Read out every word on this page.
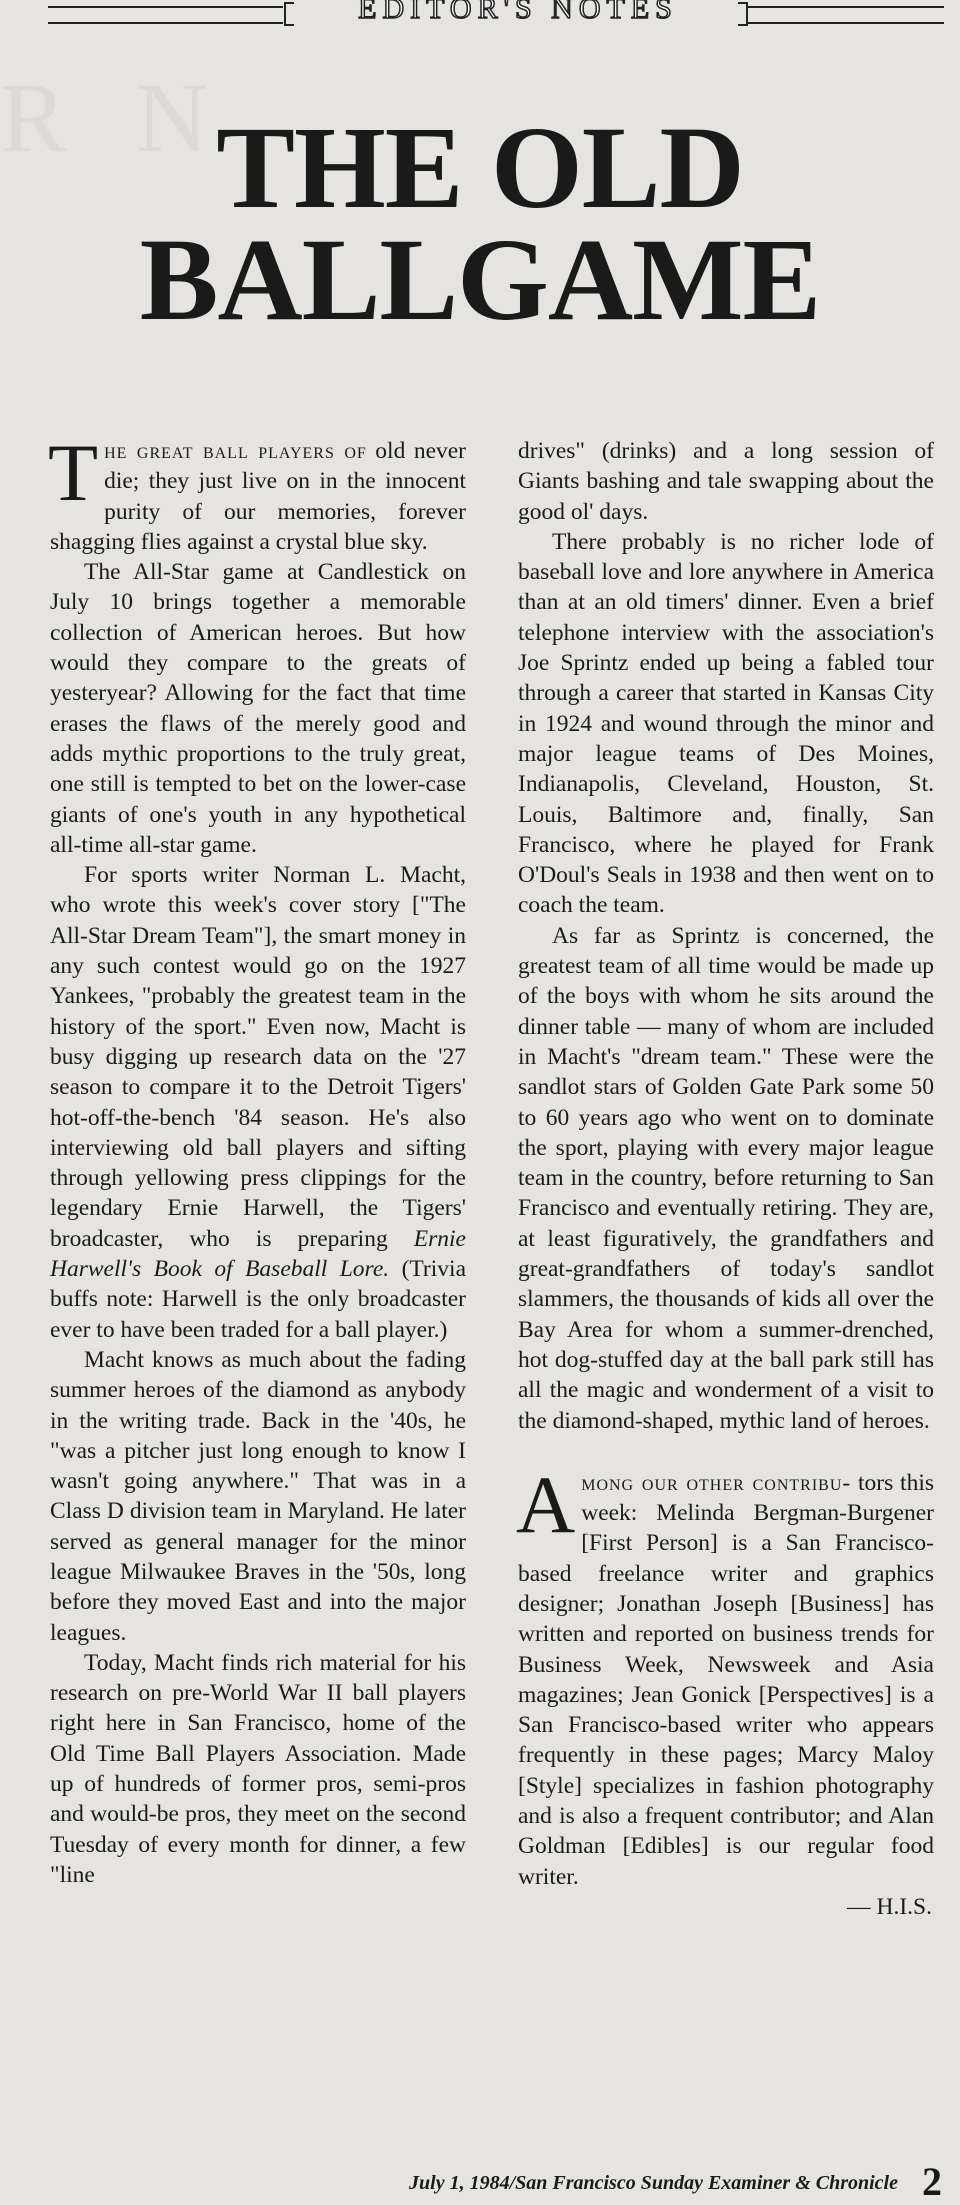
EDITOR'S NOTES
R N
THE OLD
BALLGAME

The great ball players of old never die; they just live on in the innocent purity of our memories, forever shagging flies against a crystal blue sky.

The All-Star game at Candlestick on July 10 brings together a memorable collection of American heroes. But how would they compare to the greats of yesteryear? Allowing for the fact that time erases the flaws of the merely good and adds mythic proportions to the truly great, one still is tempted to bet on the lower-case giants of one's youth in any hypothetical all-time all-star game.

For sports writer Norman L. Macht, who wrote this week's cover story ["The All-Star Dream Team"], the smart money in any such contest would go on the 1927 Yankees, "probably the greatest team in the history of the sport." Even now, Macht is busy digging up research data on the '27 season to compare it to the Detroit Tigers' hot-off-the-bench '84 season. He's also interviewing old ball players and sifting through yellowing press clippings for the legendary Ernie Harwell, the Tigers' broadcaster, who is preparing Ernie Harwell's Book of Baseball Lore. (Trivia buffs note: Harwell is the only broadcaster ever to have been traded for a ball player.)

Macht knows as much about the fading summer heroes of the diamond as anybody in the writing trade. Back in the '40s, he "was a pitcher just long enough to know I wasn't going anywhere." That was in a Class D division team in Maryland. He later served as general manager for the minor league Milwaukee Braves in the '50s, long before they moved East and into the major leagues.

Today, Macht finds rich material for his research on pre-World War II ball players right here in San Francisco, home of the Old Time Ball Players Association. Made up of hundreds of former pros, semi-pros and would-be pros, they meet on the second Tuesday of every month for dinner, a few "line

drives" (drinks) and a long session of Giants bashing and tale swapping about the good ol' days.

There probably is no richer lode of baseball love and lore anywhere in America than at an old timers' dinner. Even a brief telephone interview with the association's Joe Sprintz ended up being a fabled tour through a career that started in Kansas City in 1924 and wound through the minor and major league teams of Des Moines, Indianapolis, Cleveland, Houston, St. Louis, Baltimore and, finally, San Francisco, where he played for Frank O'Doul's Seals in 1938 and then went on to coach the team.

As far as Sprintz is concerned, the greatest team of all time would be made up of the boys with whom he sits around the dinner table — many of whom are included in Macht's "dream team." These were the sandlot stars of Golden Gate Park some 50 to 60 years ago who went on to dominate the sport, playing with every major league team in the country, before returning to San Francisco and eventually retiring. They are, at least figuratively, the grandfathers and great-grandfathers of today's sandlot slammers, the thousands of kids all over the Bay Area for whom a summer-drenched, hot dog-stuffed day at the ball park still has all the magic and wonderment of a visit to the diamond-shaped, mythic land of heroes.

Among our other contribu- tors this week: Melinda Bergman-Burgener [First Person] is a San Francisco-based freelance writer and graphics designer; Jonathan Joseph [Business] has written and reported on business trends for Business Week, Newsweek and Asia magazines; Jean Gonick [Perspectives] is a San Francisco-based writer who appears frequently in these pages; Marcy Maloy [Style] specializes in fashion photography and is also a frequent contributor; and Alan Goldman [Edibles] is our regular food writer.

— H.I.S.

July 1, 1984/San Francisco Sunday Examiner & Chronicle 2
